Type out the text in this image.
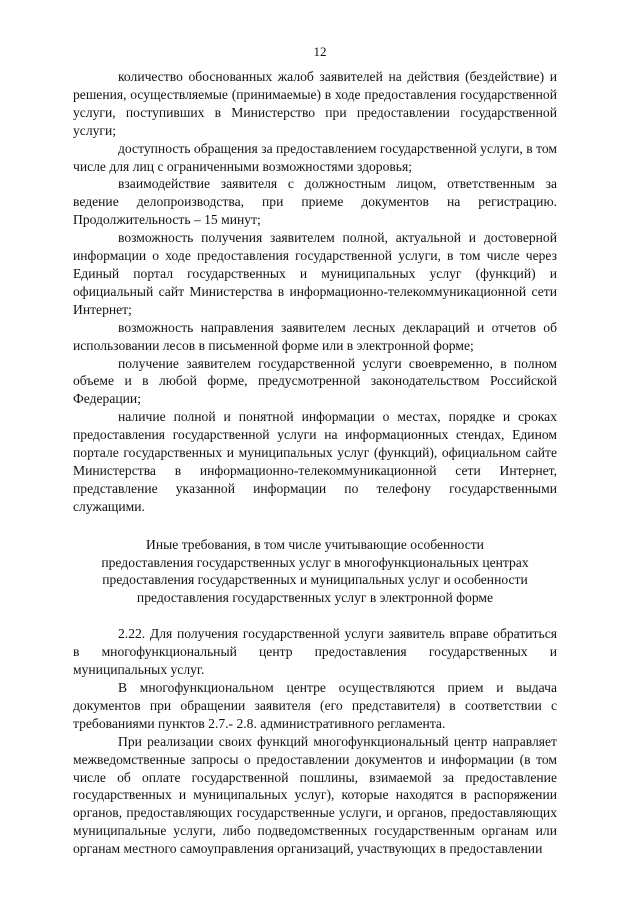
12

количество обоснованных жалоб заявителей на действия (бездействие) и решения, осуществляемые (принимаемые) в ходе предоставления государственной услуги, поступивших в Министерство при предоставлении государственной услуги;

доступность обращения за предоставлением государственной услуги, в том числе для лиц с ограниченными возможностями здоровья;

взаимодействие заявителя с должностным лицом, ответственным за ведение делопроизводства, при приеме документов на регистрацию. Продолжительность – 15 минут;

возможность получения заявителем полной, актуальной и достоверной информации о ходе предоставления государственной услуги, в том числе через Единый портал государственных и муниципальных услуг (функций) и официальный сайт Министерства в информационно-телекоммуникационной сети Интернет;

возможность направления заявителем лесных деклараций и отчетов об использовании лесов в письменной форме или в электронной форме;

получение заявителем государственной услуги своевременно, в полном объеме и в любой форме, предусмотренной законодательством Российской Федерации;

наличие полной и понятной информации о местах, порядке и сроках предоставления государственной услуги на информационных стендах, Едином портале государственных и муниципальных услуг (функций), официальном сайте Министерства в информационно-телекоммуникационной сети Интернет, представление указанной информации по телефону государственными служащими.

Иные требования, в том числе учитывающие особенности
предоставления государственных услуг в многофункциональных центрах
предоставления государственных и муниципальных услуг и особенности
предоставления государственных услуг в электронной форме

2.22. Для получения государственной услуги заявитель вправе обратиться в многофункциональный центр предоставления государственных и муниципальных услуг.

В многофункциональном центре осуществляются прием и выдача документов при обращении заявителя (его представителя) в соответствии с требованиями пунктов 2.7.- 2.8. административного регламента.

При реализации своих функций многофункциональный центр направляет межведомственные запросы о предоставлении документов и информации (в том числе об оплате государственной пошлины, взимаемой за предоставление государственных и муниципальных услуг), которые находятся в распоряжении органов, предоставляющих государственные услуги, и органов, предоставляющих муниципальные услуги, либо подведомственных государственным органам или органам местного самоуправления организаций, участвующих в предоставлении
